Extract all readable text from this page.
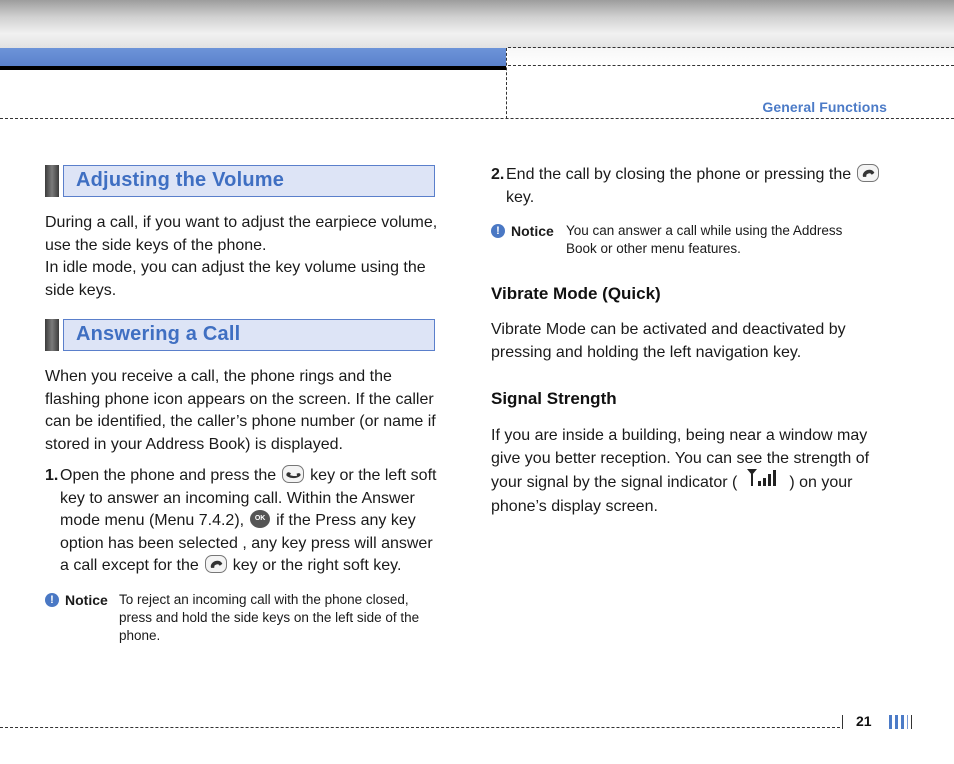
General Functions
Adjusting the Volume
During a call, if you want to adjust the earpiece volume, use the side keys of the phone.
In idle mode, you can adjust the key volume using the side keys.
Answering a Call
When you receive a call, the phone rings and the flashing phone icon appears on the screen. If the caller can be identified, the caller’s phone number (or name if stored in your Address Book) is displayed.
1. Open the phone and press the key or the left soft key to answer an incoming call. Within the Answer mode menu (Menu 7.4.2), OK if the Press any key option has been selected , any key press will answer a call except for the key or the right soft key.
! Notice To reject an incoming call with the phone closed, press and hold the side keys on the left side of the phone.
2. End the call by closing the phone or pressing the
key.
! Notice You can answer a call while using the Address Book or other menu features.
Vibrate Mode (Quick)
Vibrate Mode can be activated and deactivated by pressing and holding the left navigation key.
Signal Strength
If you are inside a building, being near a window may give you better reception. You can see the strength of your signal by the signal indicator (	) on your phone’s display screen.
21
